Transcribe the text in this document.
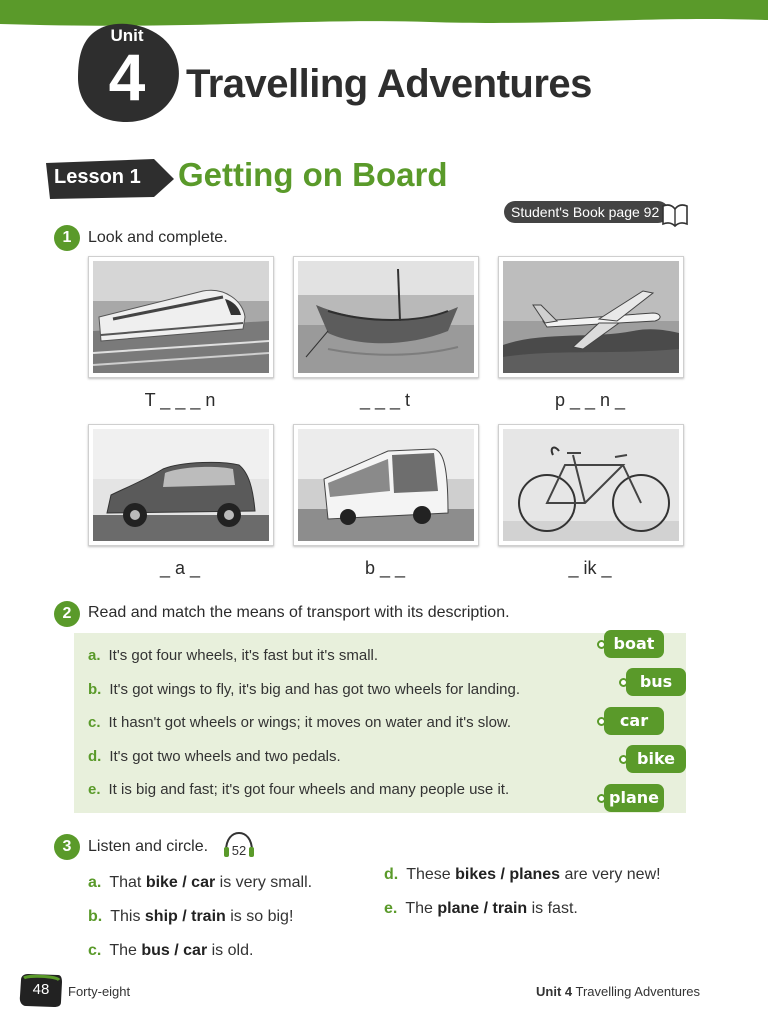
Unit
4	Travelling Adventures
Lesson 1 Getting on Board
Student's Book page 92
1	Look and complete.
T _ _ _ n	_ _ _ t	p _ _ n _
_ a _	b _ _	_ ik _
2	Read and match the means of transport with its description.
a. It's got four wheels, it's fast but it's small.
b. It's got wings to fly, it's big and has got two wheels for landing.
c. It hasn't got wheels or wings; it moves on water and it's slow.
d. It's got two wheels and two pedals.
e. It is big and fast; it's got four wheels and many people use it.
boat
bus
car
bike
plane
3	Listen and circle. 52
a. That bike / car is very small.
b. This ship / train is so big!
c. The bus / car is old.
d. These bikes / planes are very new!
e. The plane / train is fast.
48	Forty-eight	Unit 4 Travelling Adventures
